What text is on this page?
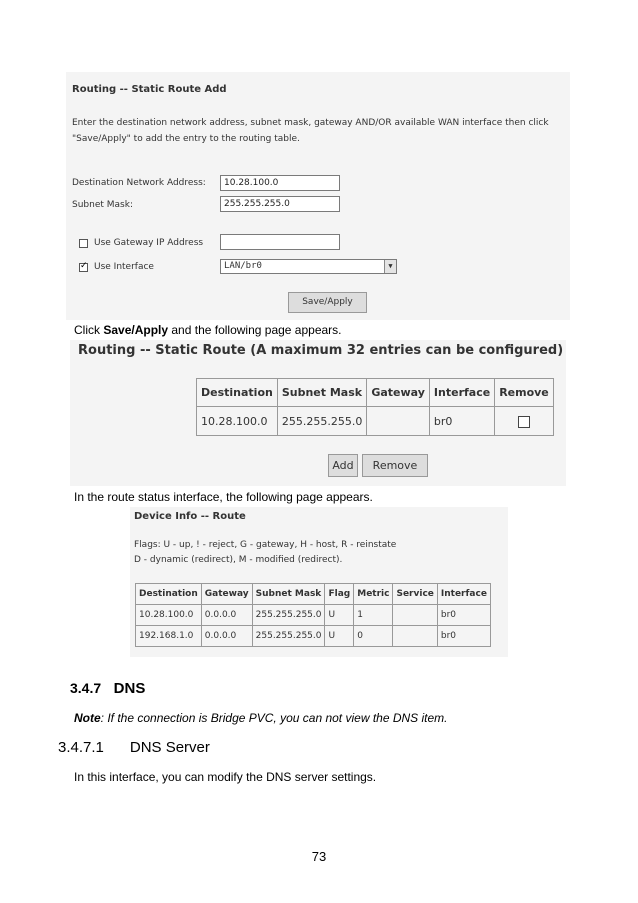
Routing -- Static Route Add
Enter the destination network address, subnet mask, gateway AND/OR available WAN interface then click "Save/Apply" to add the entry to the routing table.
Destination Network Address:	10.28.100.0
Subnet Mask:	255.255.255.0
Use Gateway IP Address
✓
Use Interface	LAN/br0	▼
Save/Apply
Click Save/Apply and the following page appears.
Routing -- Static Route (A maximum 32 entries can be configured)
Destination	Subnet Mask	Gateway	Interface	Remove
10.28.100.0	255.255.255.0		br0	
Add	Remove
In the route status interface, the following page appears.
Device Info -- Route
Flags: U - up, ! - reject, G - gateway, H - host, R - reinstate
D - dynamic (redirect), M - modified (redirect).
Destination	Gateway	Subnet Mask	Flag	Metric	Service	Interface
10.28.100.0	0.0.0.0	255.255.255.0	U	1		br0
192.168.1.0	0.0.0.0	255.255.255.0	U	0		br0
3.4.7 DNS
Note: If the connection is Bridge PVC, you can not view the DNS item.
3.4.7.1 DNS Server
In this interface, you can modify the DNS server settings.
73
